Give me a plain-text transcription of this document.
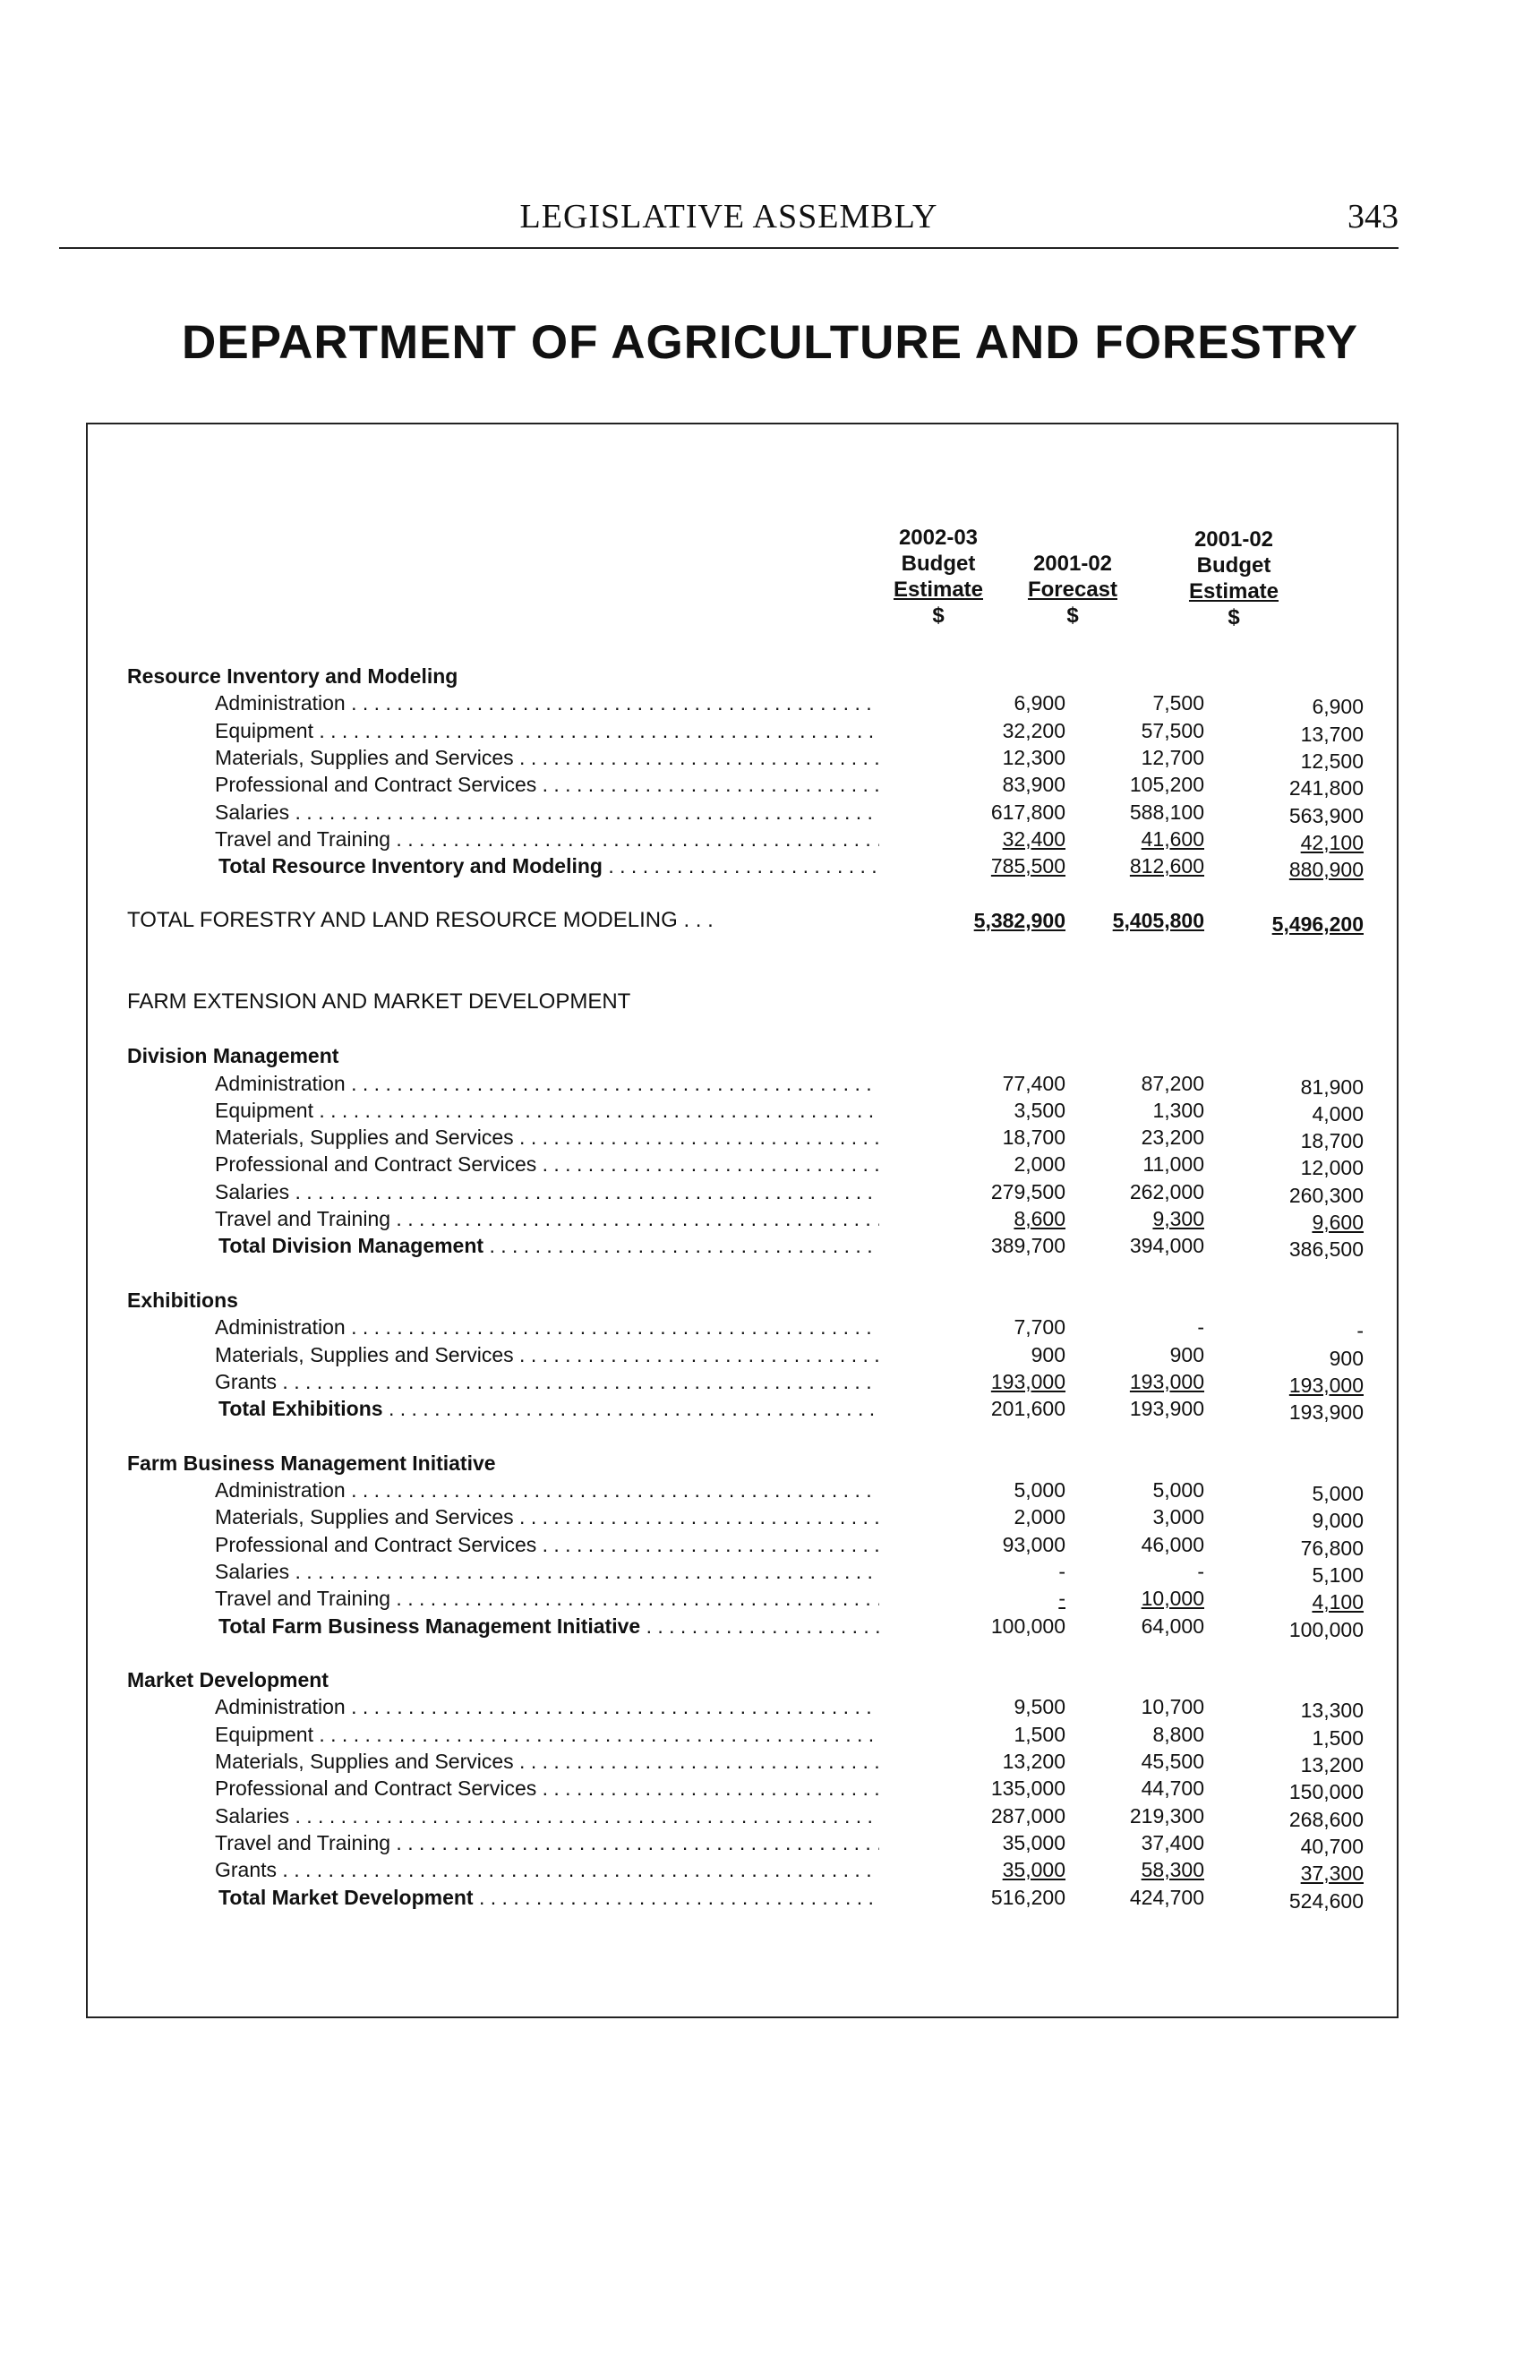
LEGISLATIVE ASSEMBLY	343
DEPARTMENT OF AGRICULTURE AND FORESTRY
2002-03
Budget
Estimate
$
2001-02
Forecast
$
2001-02
Budget
Estimate
$
Resource Inventory and Modeling
Administration . . .	6,900	7,500	6,900
Equipment . . .	32,200	57,500	13,700
Materials, Supplies and Services . . .	12,300	12,700	12,500
Professional and Contract Services . . .	83,900	105,200	241,800
Salaries . . .	617,800	588,100	563,900
Travel and Training . . .	32,400	41,600	42,100
Total Resource Inventory and Modeling . . .	785,500	812,600	880,900
TOTAL FORESTRY AND LAND RESOURCE MODELING . . .	5,382,900 5,405,800	5,496,200
FARM EXTENSION AND MARKET DEVELOPMENT
Division Management
Administration . . .	77,400	87,200	81,900
Equipment . . .	3,500	1,300	4,000
Materials, Supplies and Services . . .	18,700	23,200	18,700
Professional and Contract Services . . .	2,000	11,000	12,000
Salaries . . .	279,500	262,000	260,300
Travel and Training . . .	8,600	9,300	9,600
Total Division Management . . .	389,700	394,000	386,500
Exhibitions
Administration . . .	7,700	-	-
Materials, Supplies and Services . . .	900	900	900
Grants . . .	193,000	193,000	193,000
Total Exhibitions . . .	201,600	193,900	193,900
Farm Business Management Initiative
Administration . . .	5,000	5,000	5,000
Materials, Supplies and Services . . .	2,000	3,000	9,000
Professional and Contract Services . . .	93,000	46,000	76,800
Salaries . . .	-	-	5,100
Travel and Training . . .	-	10,000	4,100
Total Farm Business Management Initiative . . .	100,000	64,000	100,000
Market Development
Administration . . .	9,500	10,700	13,300
Equipment . . .	1,500	8,800	1,500
Materials, Supplies and Services . . .	13,200	45,500	13,200
Professional and Contract Services . . .	135,000	44,700	150,000
Salaries . . .	287,000	219,300	268,600
Travel and Training . . .	35,000	37,400	40,700
Grants . . .	35,000	58,300	37,300
Total Market Development . . .	516,200	424,700	524,600
